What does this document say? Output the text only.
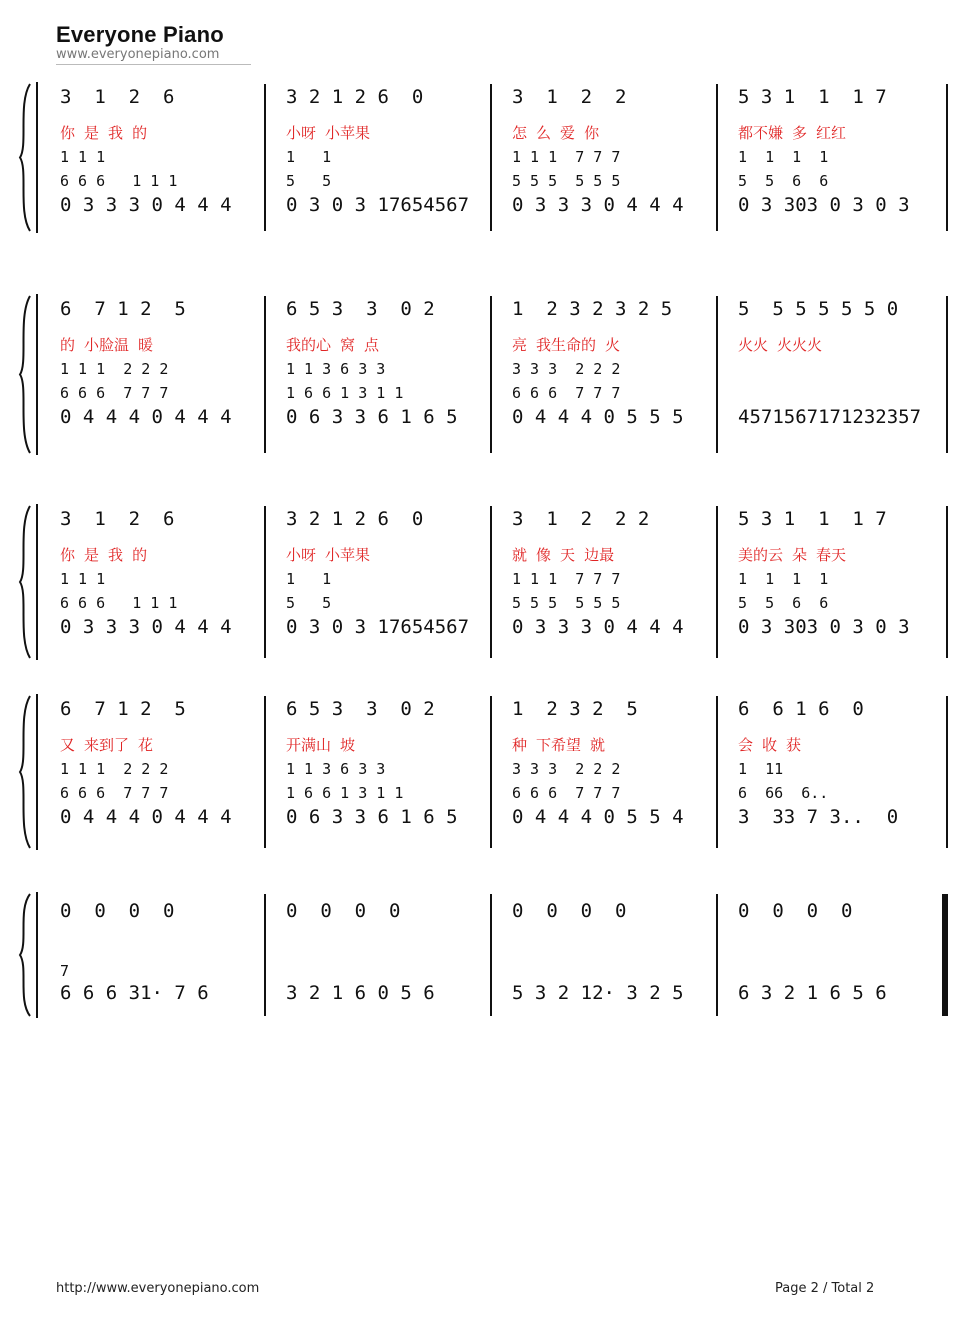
Everyone Piano
www.everyonepiano.com
3  1  2  6
你 是 我 的
1 1 1
6 6 6   1 1 1
0 3 3 3 0 4 4 4
3 2 1 2 6  0
小呀 小苹果
1   1
5   5
0 3 0 3 17654567
3  1  2  2
怎 么 爱 你
1 1 1  7 7 7
5 5 5  5 5 5
0 3 3 3 0 4 4 4
5 3 1  1  1 7
都不嫌 多 红红
1  1  1  1
5  5  6  6
0 3 303 0 3 0 3
6  7 1 2  5
的 小脸温 暖
1 1 1  2 2 2
6 6 6  7 7 7
0 4 4 4 0 4 4 4
6 5 3  3  0 2
我的心 窝 点
1 1 3 6 3 3
1 6 6 1 3 1 1
0 6 3 3 6 1 6 5
1  2 3 2 3 2 5
亮 我生命的 火
3 3 3  2 2 2
6 6 6  7 7 7
0 4 4 4 0 5 5 5
5  5 5 5 5 5 0
火火 火火火
4571567171232357
3  1  2  6
你 是 我 的
1 1 1
6 6 6   1 1 1
0 3 3 3 0 4 4 4
3 2 1 2 6  0
小呀 小苹果
1   1
5   5
0 3 0 3 17654567
3  1  2  2 2
就 像 天 边最
1 1 1  7 7 7
5 5 5  5 5 5
0 3 3 3 0 4 4 4
5 3 1  1  1 7
美的云 朵 春天
1  1  1  1
5  5  6  6
0 3 303 0 3 0 3
6  7 1 2  5
又 来到了 花
1 1 1  2 2 2
6 6 6  7 7 7
0 4 4 4 0 4 4 4
6 5 3  3  0 2
开满山 坡
1 1 3 6 3 3
1 6 6 1 3 1 1
0 6 3 3 6 1 6 5
1  2 3 2  5
种 下希望 就
3 3 3  2 2 2
6 6 6  7 7 7
0 4 4 4 0 5 5 4
6  6 1 6  0
会 收 获
1  11
6  66  6..
3  33 7 3..  0
0  0  0  0
7
6 6 6 31· 7 6
0  0  0  0
3 2 1 6 0 5 6
0  0  0  0
5 3 2 12· 3 2 5
0  0  0  0
6 3 2 1 6 5 6
http://www.everyonepiano.com	Page 2 / Total 2
